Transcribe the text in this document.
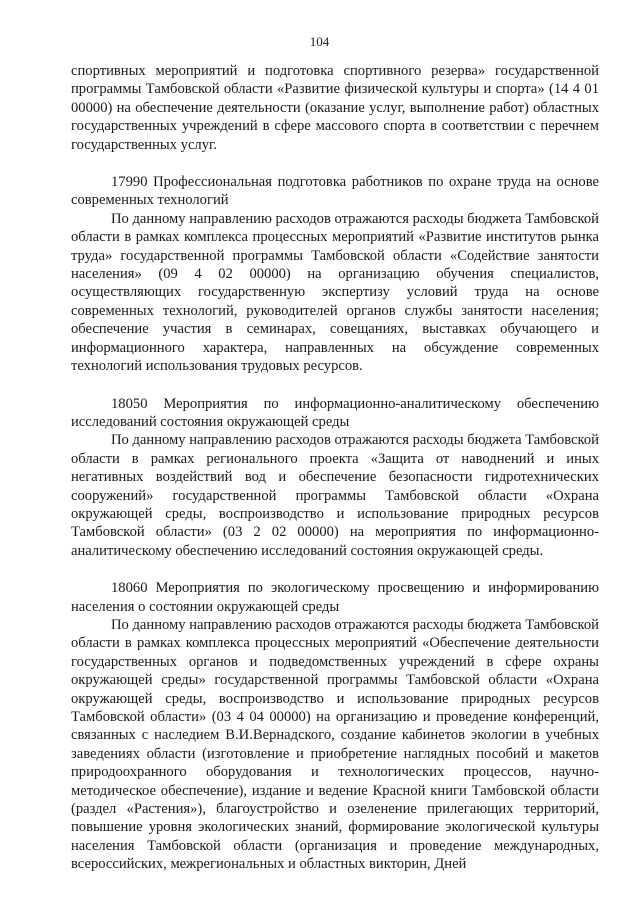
104

спортивных мероприятий и подготовка спортивного резерва» государственной программы Тамбовской области «Развитие физической культуры и спорта» (14 4 01 00000) на обеспечение деятельности (оказание услуг, выполнение работ) областных государственных учреждений в сфере массового спорта в соответствии с перечнем государственных услуг.

17990 Профессиональная подготовка работников по охране труда на основе современных технологий

По данному направлению расходов отражаются расходы бюджета Тамбовской области в рамках комплекса процессных мероприятий «Развитие институтов рынка труда» государственной программы Тамбовской области «Содействие занятости населения» (09 4 02 00000) на организацию обучения специалистов, осуществляющих государственную экспертизу условий труда на основе современных технологий, руководителей органов службы занятости населения; обеспечение участия в семинарах, совещаниях, выставках обучающего и информационного характера, направленных на обсуждение современных технологий использования трудовых ресурсов.

18050 Мероприятия по информационно-аналитическому обеспечению исследований состояния окружающей среды

По данному направлению расходов отражаются расходы бюджета Тамбовской области в рамках регионального проекта «Защита от наводнений и иных негативных воздействий вод и обеспечение безопасности гидротехнических сооружений» государственной программы Тамбовской области «Охрана окружающей среды, воспроизводство и использование природных ресурсов Тамбовской области» (03 2 02 00000) на мероприятия по информационно-аналитическому обеспечению исследований состояния окружающей среды.

18060 Мероприятия по экологическому просвещению и информированию населения о состоянии окружающей среды

По данному направлению расходов отражаются расходы бюджета Тамбовской области в рамках комплекса процессных мероприятий «Обеспечение деятельности государственных органов и подведомственных учреждений в сфере охраны окружающей среды» государственной программы Тамбовской области «Охрана окружающей среды, воспроизводство и использование природных ресурсов Тамбовской области» (03 4 04 00000) на организацию и проведение конференций, связанных с наследием В.И.Вернадского, создание кабинетов экологии в учебных заведениях области (изготовление и приобретение наглядных пособий и макетов природоохранного оборудования и технологических процессов, научно-методическое обеспечение), издание и ведение Красной книги Тамбовской области (раздел «Растения»), благоустройство и озеленение прилегающих территорий, повышение уровня экологических знаний, формирование экологической культуры населения Тамбовской области (организация и проведение международных, всероссийских, межрегиональных и областных викторин, Дней
